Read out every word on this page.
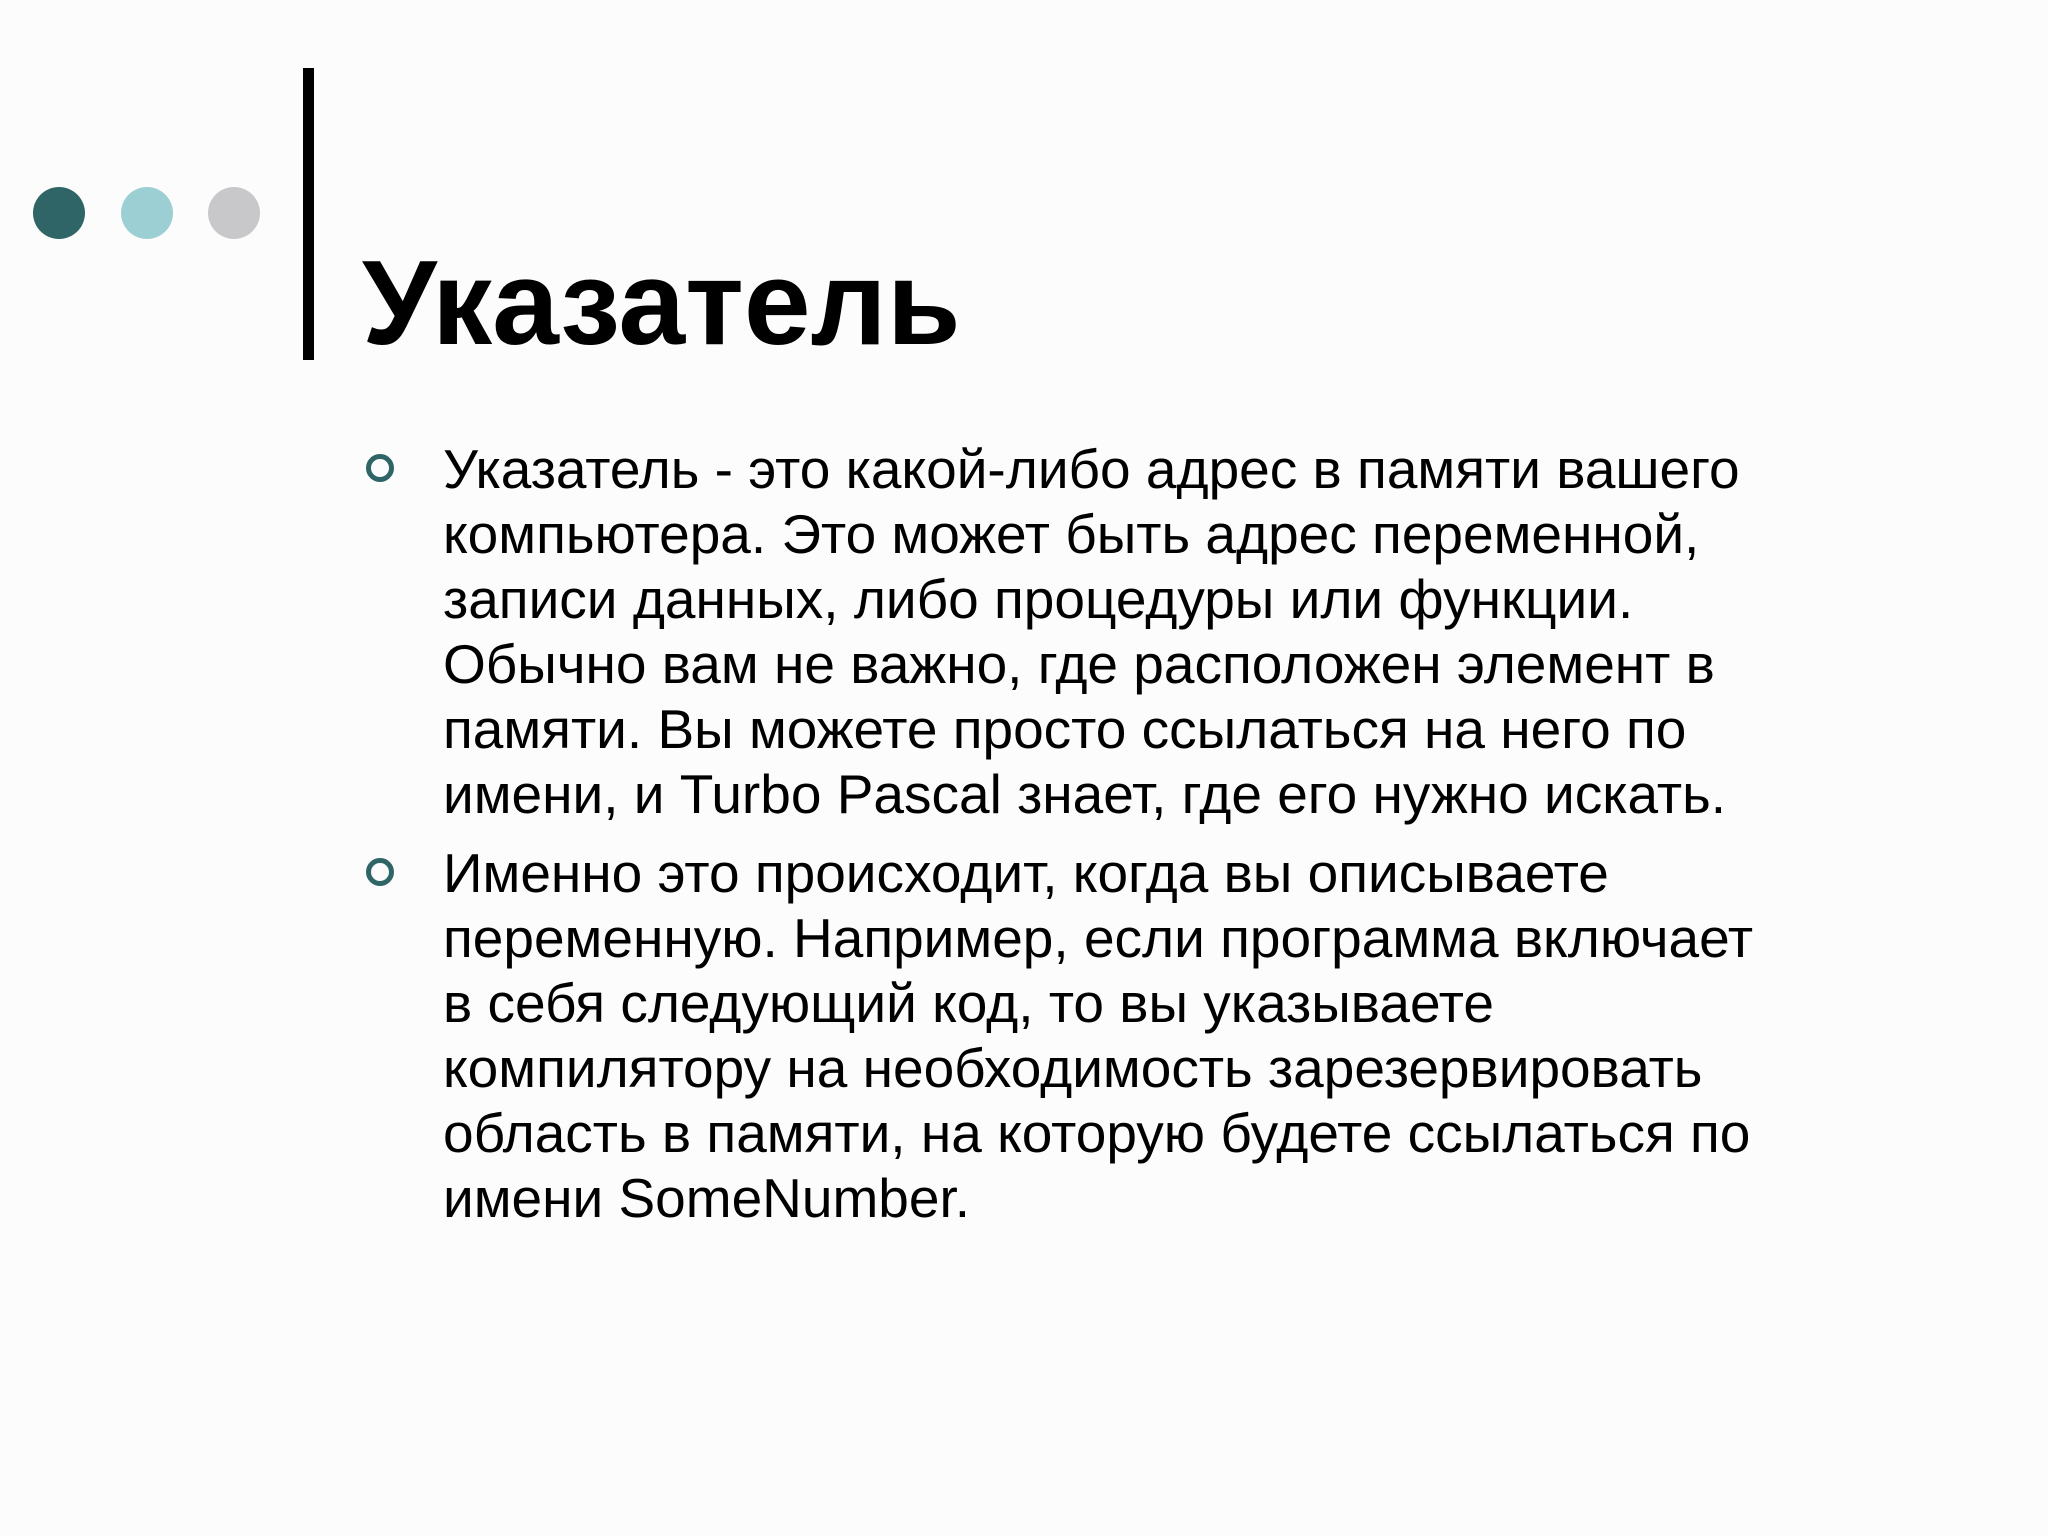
Указатель
Указатель - это какой-либо адрес в памяти вашего
компьютера. Это может быть адрес переменной,
записи данных, либо процедуры или функции.
Обычно вам не важно, где расположен элемент в
памяти. Вы можете просто ссылаться на него по
имени, и Turbo Pascal знает, где его нужно искать.
Именно это происходит, когда вы описываете
переменную. Например, если программа включает
в себя следующий код, то вы указываете
компилятору на необходимость зарезервировать
область в памяти, на которую будете ссылаться по
имени SomeNumber.
